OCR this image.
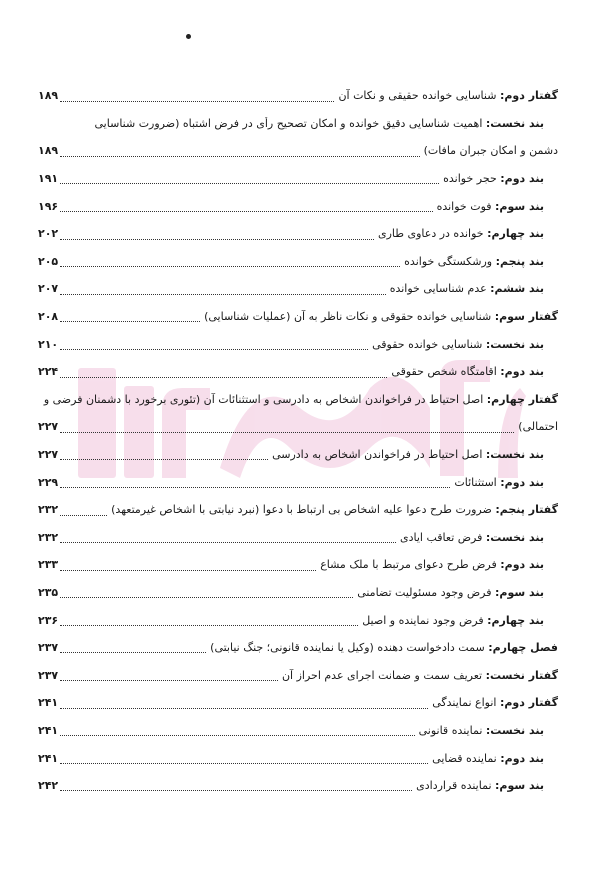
گفتار دوم: شناسایی خوانده حقیقی و نکات آن
۱۸۹
بند نخست: اهمیت شناسایی دقیق خوانده و امکان تصحیح رأی در فرض اشتباه (ضرورت شناسایی
دشمن و امکان جبران مافات)
۱۸۹
بند دوم: حجر خوانده
۱۹۱
بند سوم: فوت خوانده
۱۹۶
بند چهارم: خوانده در دعاوی طاری
۲۰۲
بند پنجم: ورشکستگی خوانده
۲۰۵
بند ششم: عدم شناسایی خوانده
۲۰۷
گفتار سوم: شناسایی خوانده حقوقی و نکات ناظر به آن (عملیات شناسایی)
۲۰۸
بند نخست: شناسایی خوانده حقوقی
۲۱۰
بند دوم: اقامتگاه شخص حقوقی
۲۲۴
گفتار چهارم: اصل احتیاط در فراخواندن اشخاص به دادرسی و استثنائات آن (تئوری برخورد با دشمنان فرضی و
احتمالی)
۲۲۷
بند نخست: اصل احتیاط در فراخواندن اشخاص به دادرسی
۲۲۷
بند دوم: استثنائات
۲۲۹
گفتار پنجم: ضرورت طرح دعوا علیه اشخاص بی ارتباط با دعوا (نبرد نیابتی با اشخاص غیرمتعهد)
۲۳۲
بند نخست: فرض تعاقب ایادی
۲۳۲
بند دوم: فرض طرح دعوای مرتبط با ملک مشاع
۲۳۳
بند سوم: فرض وجود مسئولیت تضامنی
۲۳۵
بند چهارم: فرض وجود نماینده و اصیل
۲۳۶
فصل چهارم: سمت دادخواست دهنده (وکیل یا نماینده قانونی؛ جنگ نیابتی)
۲۳۷
گفتار نخست: تعریف سمت و ضمانت اجرای عدم احراز آن
۲۳۷
گفتار دوم: انواع نمایندگی
۲۴۱
بند نخست: نماینده قانونی
۲۴۱
بند دوم: نماینده قضایی
۲۴۱
بند سوم: نماینده قراردادی
۲۴۲
